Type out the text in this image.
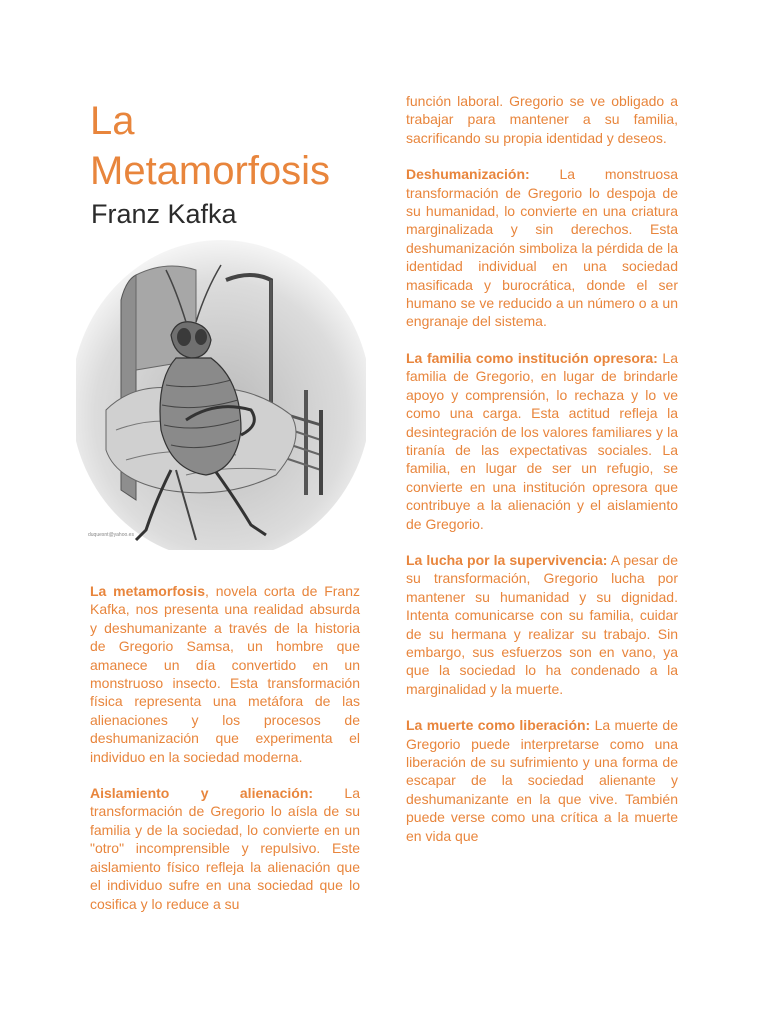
La
Metamorfosis
Franz Kafka
duquesnt@yahoo.es

La metamorfosis, novela corta de Franz Kafka, nos presenta una realidad absurda y deshumanizante a través de la historia de Gregorio Samsa, un hombre que amanece un día convertido en un monstruoso insecto. Esta transformación física representa una metáfora de las alienaciones y los procesos de deshumanización que experimenta el individuo en la sociedad moderna.

Aislamiento y alienación: La transformación de Gregorio lo aísla de su familia y de la sociedad, lo convierte en un "otro" incomprensible y repulsivo. Este aislamiento físico refleja la alienación que el individuo sufre en una sociedad que lo cosifica y lo reduce a su

función laboral. Gregorio se ve obligado a trabajar para mantener a su familia, sacrificando su propia identidad y deseos.

Deshumanización: La monstruosa transformación de Gregorio lo despoja de su humanidad, lo convierte en una criatura marginalizada y sin derechos. Esta deshumanización simboliza la pérdida de la identidad individual en una sociedad masificada y burocrática, donde el ser humano se ve reducido a un número o a un engranaje del sistema.

La familia como institución opresora: La familia de Gregorio, en lugar de brindarle apoyo y comprensión, lo rechaza y lo ve como una carga. Esta actitud refleja la desintegración de los valores familiares y la tiranía de las expectativas sociales. La familia, en lugar de ser un refugio, se convierte en una institución opresora que contribuye a la alienación y el aislamiento de Gregorio.

La lucha por la supervivencia: A pesar de su transformación, Gregorio lucha por mantener su humanidad y su dignidad. Intenta comunicarse con su familia, cuidar de su hermana y realizar su trabajo. Sin embargo, sus esfuerzos son en vano, ya que la sociedad lo ha condenado a la marginalidad y la muerte.

La muerte como liberación: La muerte de Gregorio puede interpretarse como una liberación de su sufrimiento y una forma de escapar de la sociedad alienante y deshumanizante en la que vive. También puede verse como una crítica a la muerte en vida que
